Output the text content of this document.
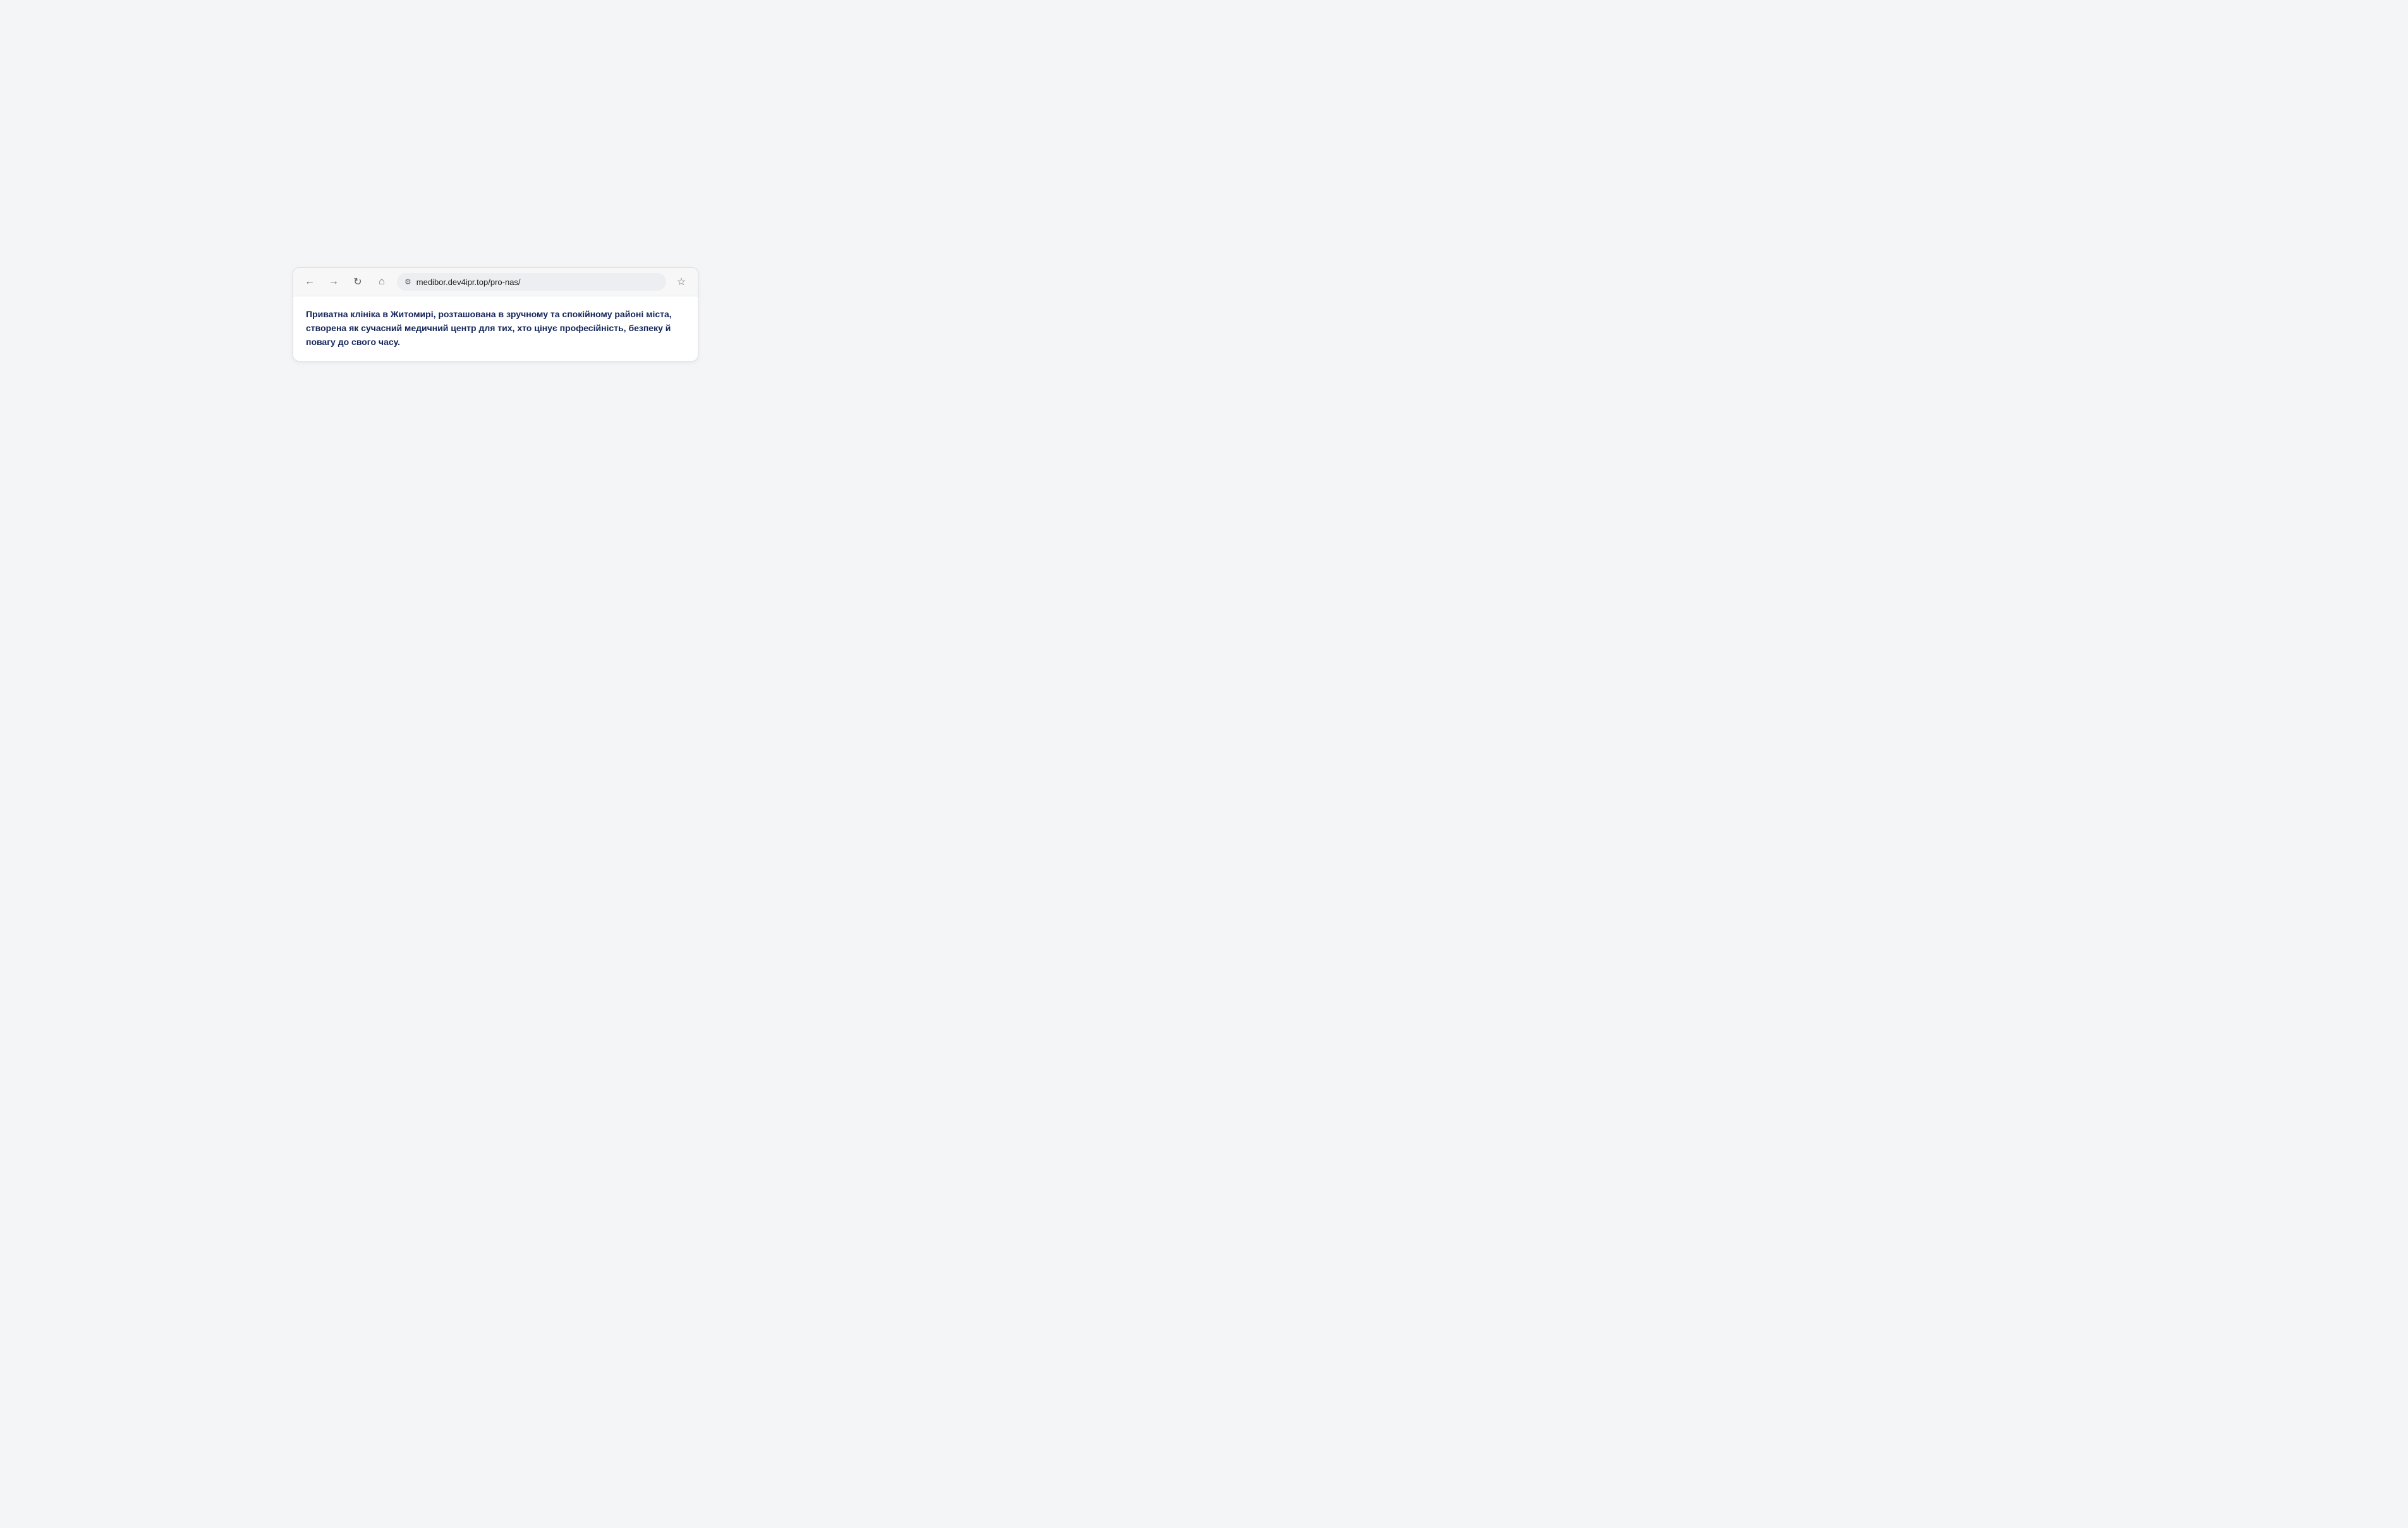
←	→	↻	⌂	⚙ medibor.dev4ipr.top/pro-nas/	☆

Приватна клініка в Житомирі, розташована в зручному та спокійному районі міста, створена як сучасний медичний центр для тих, хто цінує професійність, безпеку й повагу до свого часу.
